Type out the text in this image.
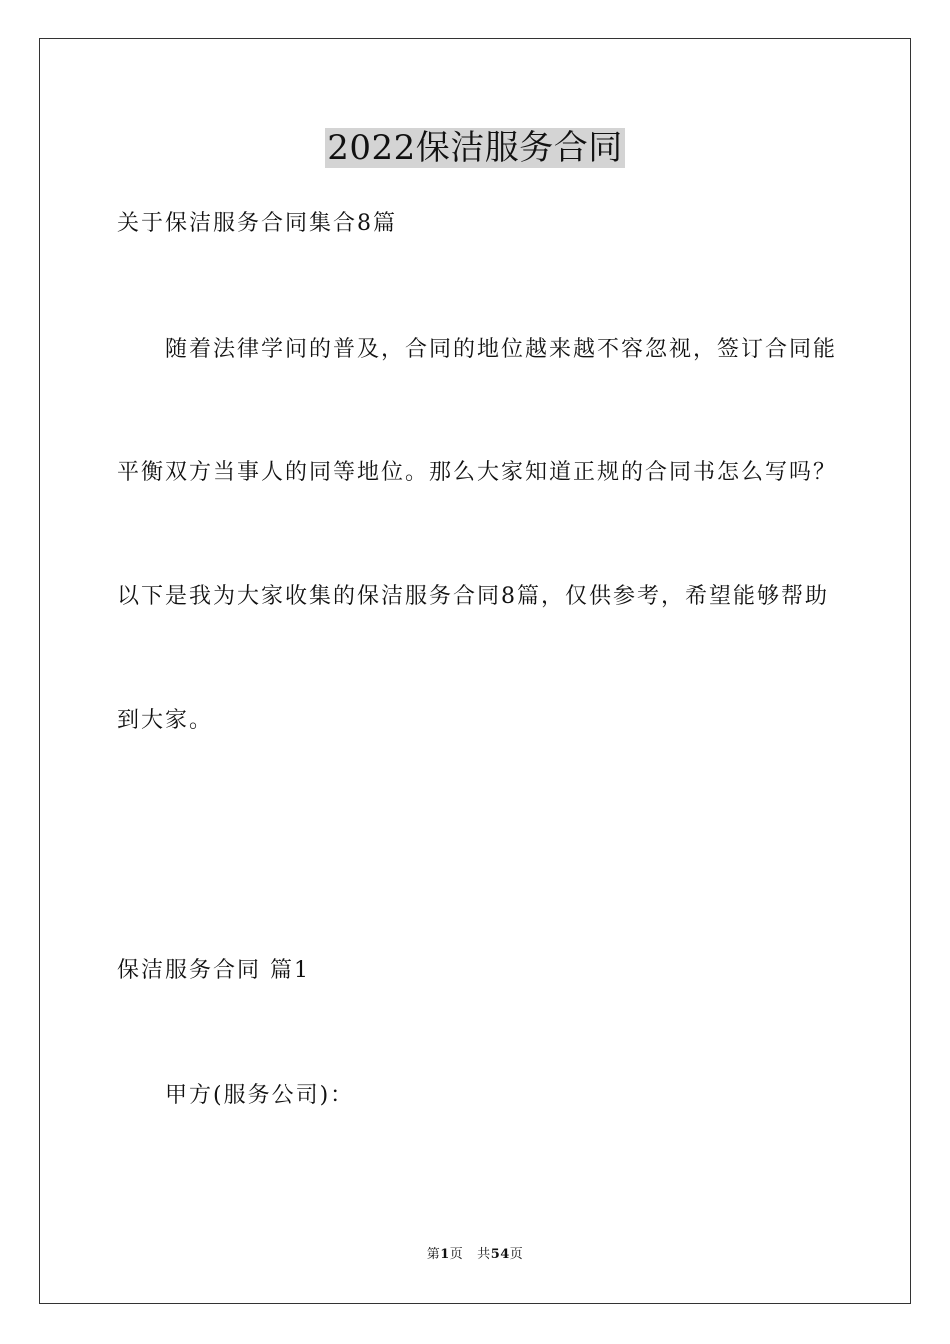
2022保洁服务合同
关于保洁服务合同集合8篇
随着法律学问的普及，合同的地位越来越不容忽视，签订合同能
平衡双方当事人的同等地位。那么大家知道正规的合同书怎么写吗？
以下是我为大家收集的保洁服务合同8篇，仅供参考，希望能够帮助
到大家。
保洁服务合同 篇1
甲方(服务公司)：
第1页 共54页
